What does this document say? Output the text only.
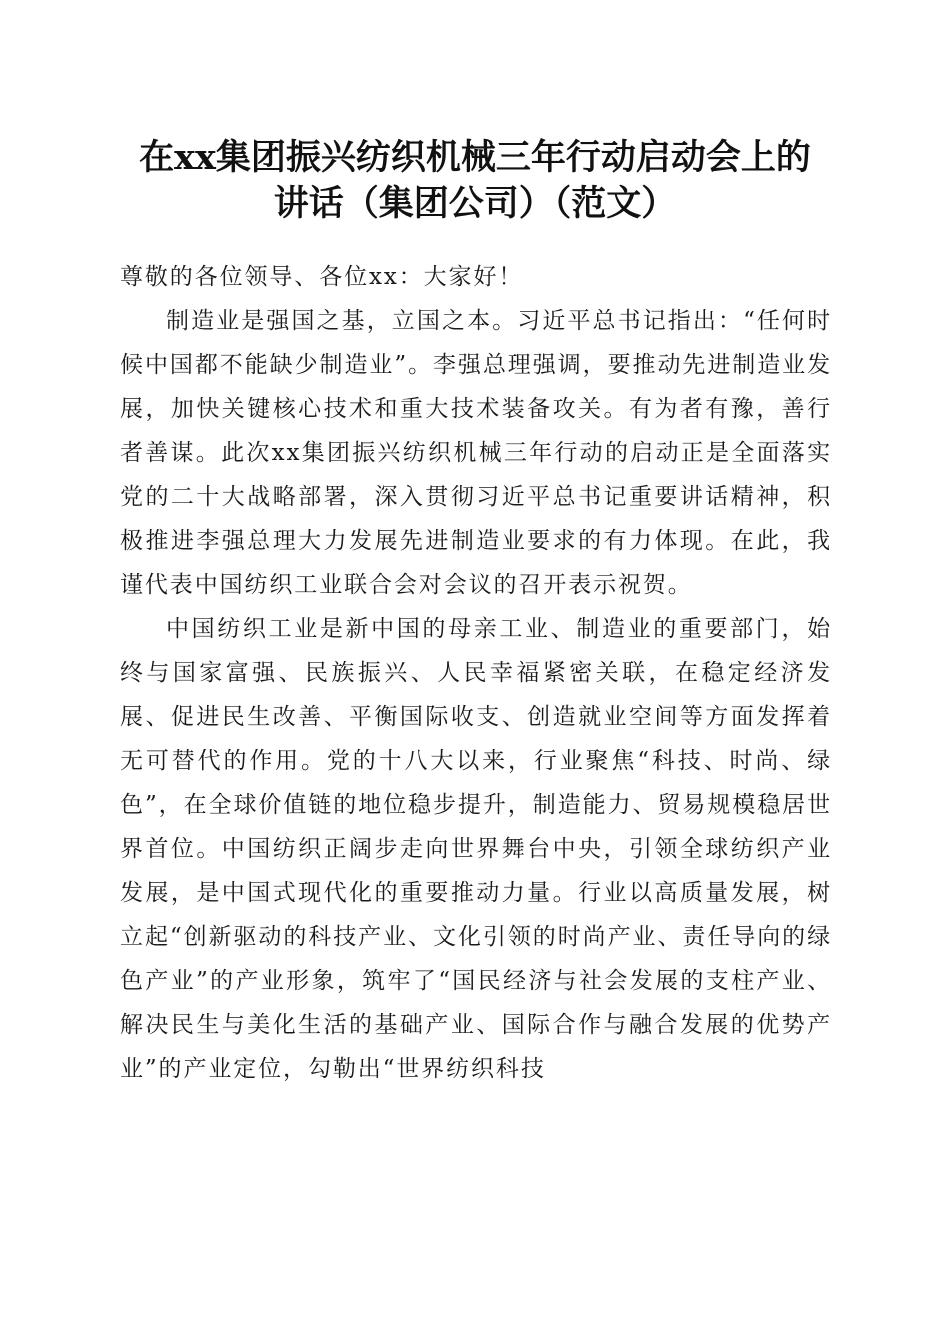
在xx集团振兴纺织机械三年行动启动会上的
讲话（集团公司）（范文）

尊敬的各位领导、各位xx：大家好！

制造业是强国之基，立国之本。习近平总书记指出：“任何时候中国都不能缺少制造业”。李强总理强调，要推动先进制造业发展，加快关键核心技术和重大技术装备攻关。有为者有豫，善行者善谋。此次xx集团振兴纺织机械三年行动的启动正是全面落实党的二十大战略部署，深入贯彻习近平总书记重要讲话精神，积极推进李强总理大力发展先进制造业要求的有力体现。在此，我谨代表中国纺织工业联合会对会议的召开表示祝贺。

中国纺织工业是新中国的母亲工业、制造业的重要部门，始终与国家富强、民族振兴、人民幸福紧密关联，在稳定经济发展、促进民生改善、平衡国际收支、创造就业空间等方面发挥着无可替代的作用。党的十八大以来，行业聚焦“科技、时尚、绿色”，在全球价值链的地位稳步提升，制造能力、贸易规模稳居世界首位。中国纺织正阔步走向世界舞台中央，引领全球纺织产业发展，是中国式现代化的重要推动力量。行业以高质量发展，树立起“创新驱动的科技产业、文化引领的时尚产业、责任导向的绿色产业”的产业形象，筑牢了“国民经济与社会发展的支柱产业、解决民生与美化生活的基础产业、国际合作与融合发展的优势产业”的产业定位，勾勒出“世界纺织科技
